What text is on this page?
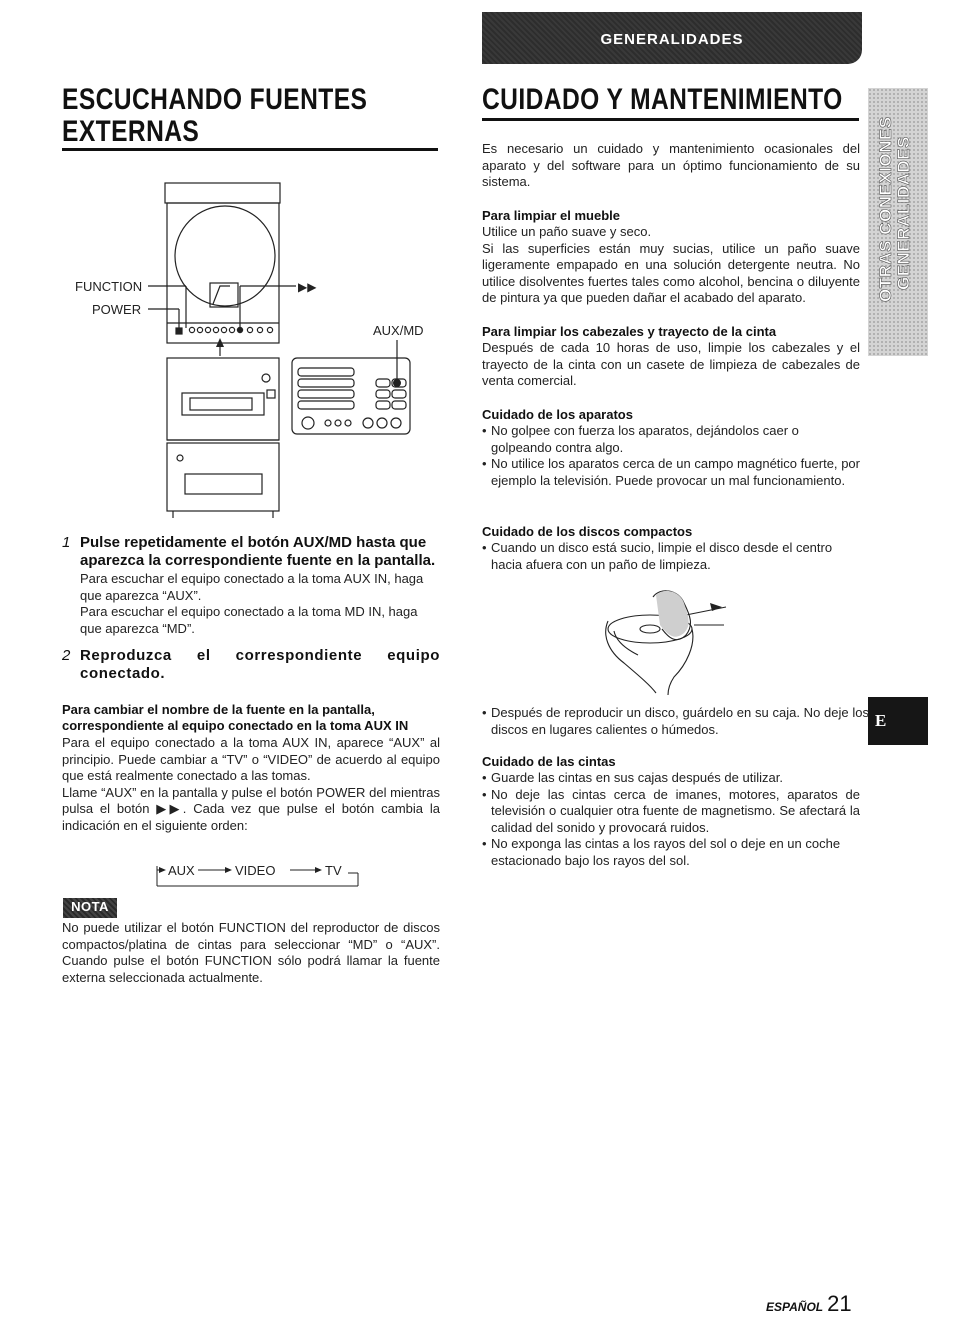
GENERALIDADES
OTRAS CONEXIONES GENERALIDADES
E
ESCUCHANDO FUENTES
EXTERNAS
FUNCTION
POWER
AUX/MD
▶▶
1 Pulse repetidamente el botón AUX/MD hasta que aparezca la correspondiente fuente en la pantalla.

Para escuchar el equipo conectado a la toma AUX IN, haga que aparezca “AUX”.

Para escuchar el equipo conectado a la toma MD IN, haga que aparezca “MD”.

2 Reproduzca el correspondiente equipo conectado.

Para cambiar el nombre de la fuente en la pantalla, correspondiente al equipo conectado en la toma AUX IN

Para el equipo conectado a la toma AUX IN, aparece “AUX” al principio. Puede cambiar a “TV” o “VIDEO” de acuerdo al equipo que está realmente conectado a las tomas.

Llame “AUX” en la pantalla y pulse el botón POWER del mientras pulsa el botón ▶▶. Cada vez que pulse el botón cambia la indicación en el siguiente orden:

AUX	VIDEO	TV
NOTA

No puede utilizar el botón FUNCTION del reproductor de discos compactos/platina de cintas para seleccionar “MD” o “AUX”. Cuando pulse el botón FUNCTION sólo podrá llamar la fuente externa seleccionada actualmente.

CUIDADO Y MANTENIMIENTO

Es necesario un cuidado y mantenimiento ocasionales del aparato y del software para un óptimo funcionamiento de su sistema.

Para limpiar el mueble

Utilice un paño suave y seco.

Si las superficies están muy sucias, utilice un paño suave ligeramente empapado en una solución detergente neutra. No utilice disolventes fuertes tales como alcohol, bencina o diluyente de pintura ya que pueden dañar el acabado del aparato.

Para limpiar los cabezales y trayecto de la cinta

Después de cada 10 horas de uso, limpie los cabezales y el trayecto de la cinta con un casete de limpieza de cabezales de venta comercial.

Cuidado de los aparatos

• No golpee con fuerza los aparatos, dejándolos caer o golpeando contra algo.

• No utilice los aparatos cerca de un campo magnético fuerte, por ejemplo la televisión. Puede provocar un mal funcionamiento.

Cuidado de los discos compactos

• Cuando un disco está sucio, limpie el disco desde el centro hacia afuera con un paño de limpieza.

• Después de reproducir un disco, guárdelo en su caja. No deje los discos en lugares calientes o húmedos.

Cuidado de las cintas

• Guarde las cintas en sus cajas después de utilizar.

• No deje las cintas cerca de imanes, motores, aparatos de televisión o cualquier otra fuente de magnetismo. Se afectará la calidad del sonido y provocará ruidos.

• No exponga las cintas a los rayos del sol o deje en un coche estacionado bajo los rayos del sol.

ESPAÑOL 21
